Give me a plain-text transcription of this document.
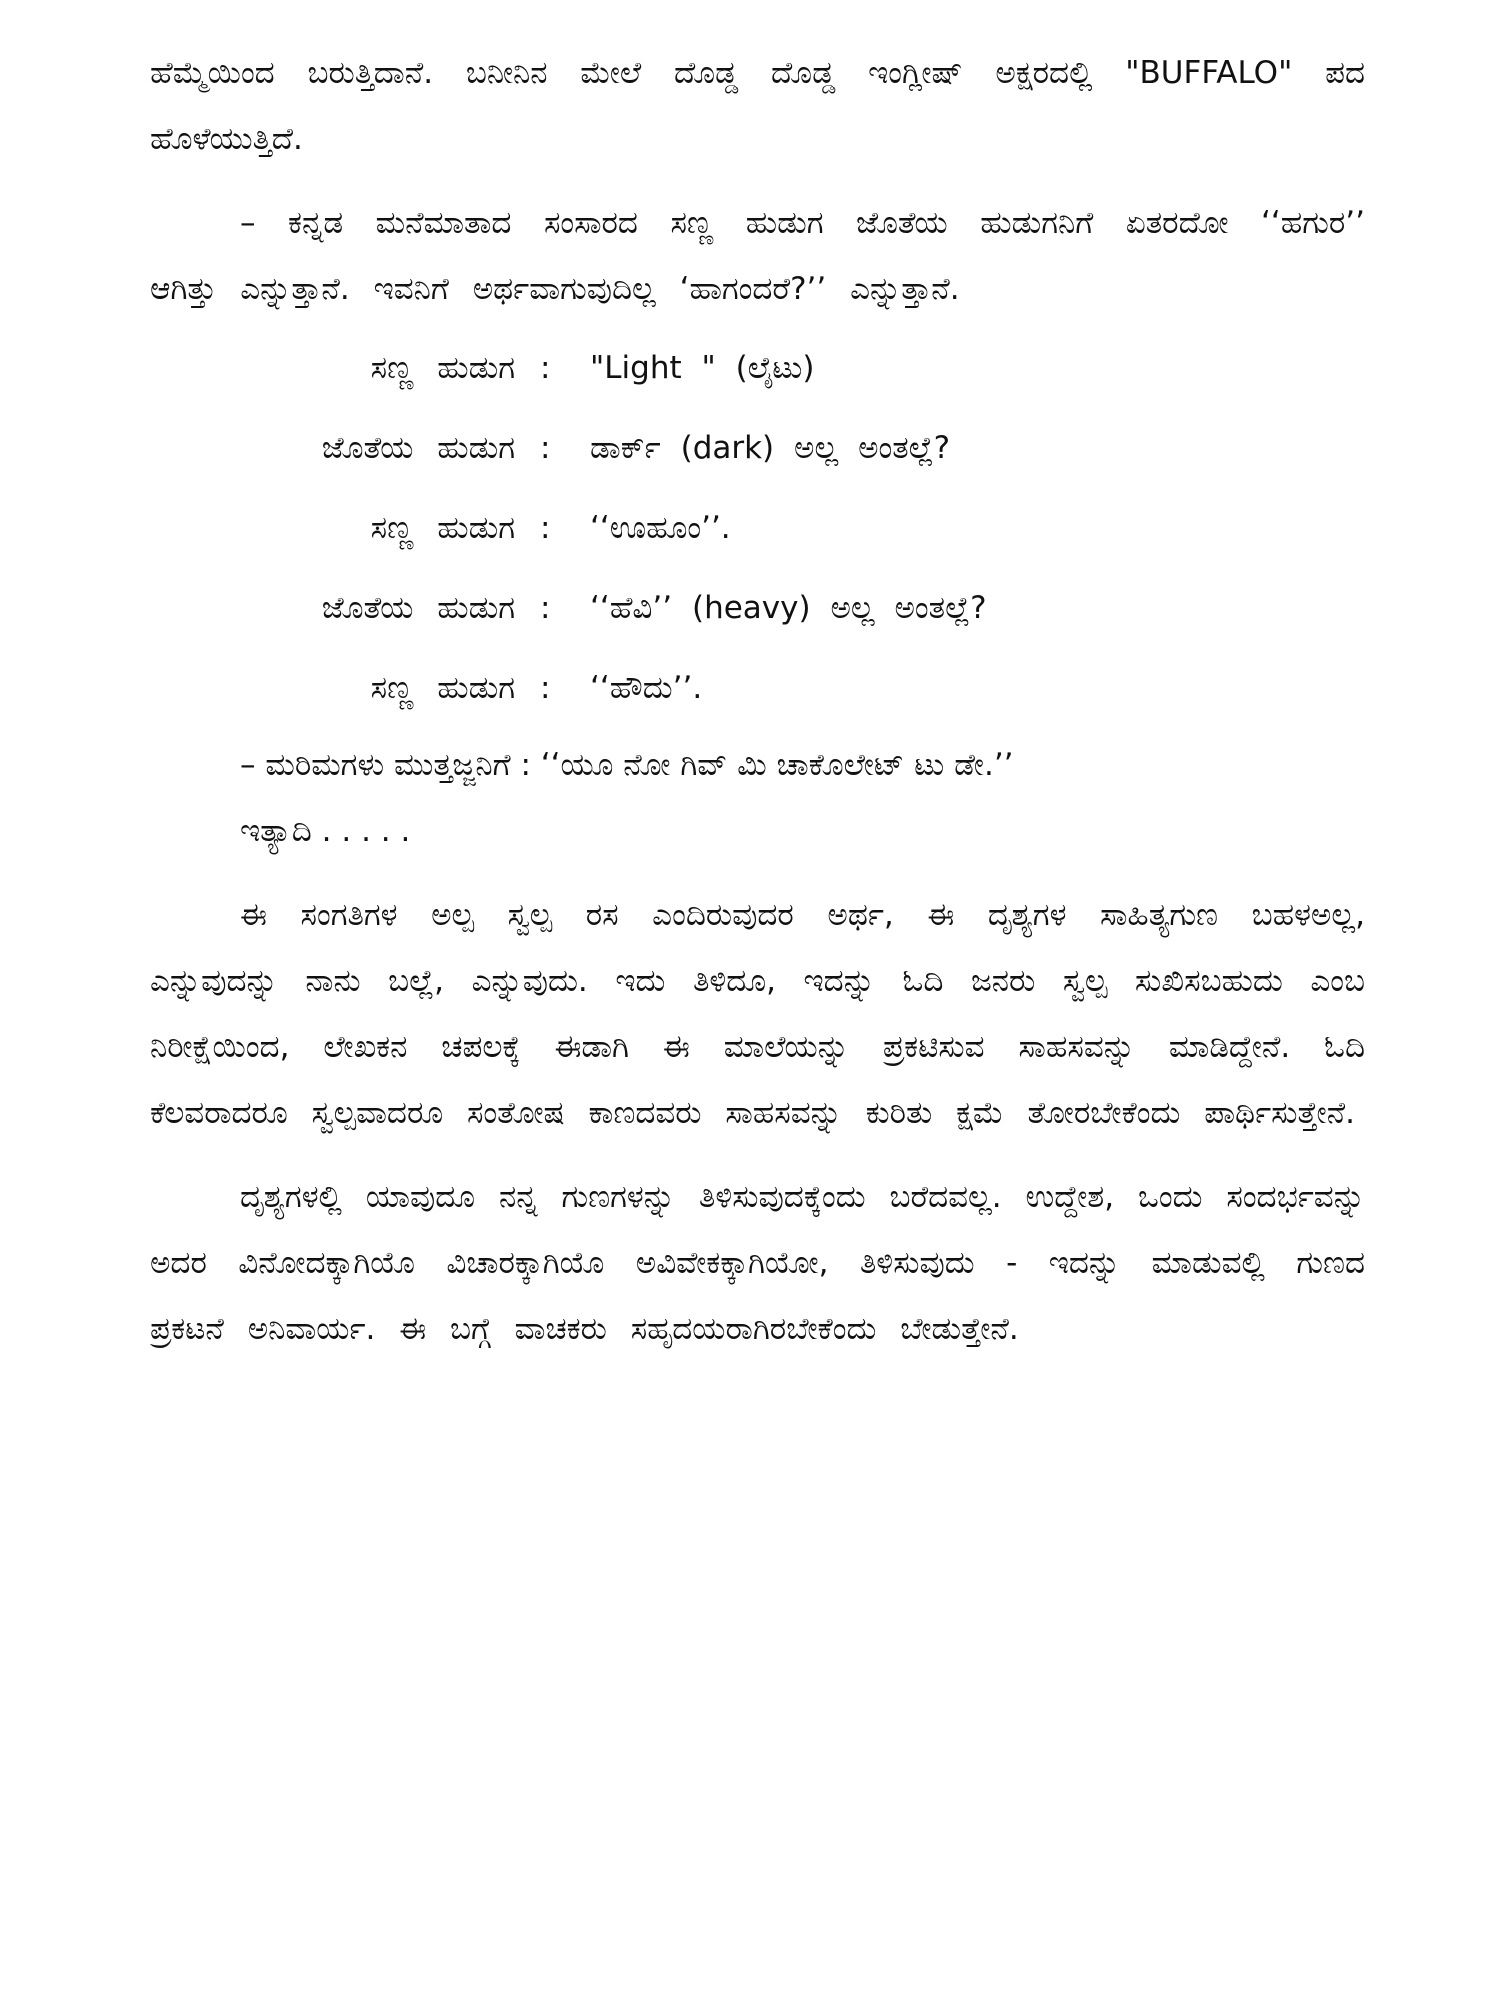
ಹೆಮ್ಮೆಯಿಂದ ಬರುತ್ತಿದಾನೆ. ಬನೀನಿನ ಮೇಲೆ ದೊಡ್ಡ ದೊಡ್ಡ ಇಂಗ್ಲೀಷ್ ಅಕ್ಷರದಲ್ಲಿ "BUFFALO" ಪದ ಹೊಳೆಯುತ್ತಿದೆ.

– ಕನ್ನಡ ಮನೆಮಾತಾದ ಸಂಸಾರದ ಸಣ್ಣ ಹುಡುಗ ಜೊತೆಯ ಹುಡುಗನಿಗೆ ಏತರದೋ ‘‘ಹಗುರ’’ ಆಗಿತ್ತು ಎನ್ನುತ್ತಾನೆ. ಇವನಿಗೆ ಅರ್ಥವಾಗುವುದಿಲ್ಲ ‘ಹಾಗಂದರೆ?’’ ಎನ್ನುತ್ತಾನೆ.

ಸಣ್ಣ ಹುಡುಗ : "Light " (ಲೈಟು)
ಜೊತೆಯ ಹುಡುಗ : ಡಾರ್ಕ್ (dark) ಅಲ್ಲ ಅಂತಲ್ಲೆ?
ಸಣ್ಣ ಹುಡುಗ : ‘‘ಊಹೂಂ’’.
ಜೊತೆಯ ಹುಡುಗ : ‘‘ಹೆವಿ’’ (heavy) ಅಲ್ಲ ಅಂತಲ್ಲೆ?
ಸಣ್ಣ ಹುಡುಗ : ‘‘ಹೌದು’’.

– ಮರಿಮಗಳು ಮುತ್ತಜ್ಜನಿಗೆ : ‘‘ಯೂ ನೋ ಗಿವ್ ಮಿ ಚಾಕೊಲೇಟ್ ಟು ಡೇ.’’

ಇತ್ಯಾದಿ . . . . .

ಈ ಸಂಗತಿಗಳ ಅಲ್ಪ ಸ್ವಲ್ಪ ರಸ ಎಂದಿರುವುದರ ಅರ್ಥ, ಈ ದೃಶ್ಯಗಳ ಸಾಹಿತ್ಯಗುಣ ಬಹಳಅಲ್ಲ, ಎನ್ನುವುದನ್ನು ನಾನು ಬಲ್ಲೆ, ಎನ್ನುವುದು. ಇದು ತಿಳಿದೂ, ಇದನ್ನು ಓದಿ ಜನರು ಸ್ವಲ್ಪ ಸುಖಿಸಬಹುದು ಎಂಬ ನಿರೀಕ್ಷೆಯಿಂದ, ಲೇಖಕನ ಚಪಲಕ್ಕೆ ಈಡಾಗಿ ಈ ಮಾಲೆಯನ್ನು ಪ್ರಕಟಿಸುವ ಸಾಹಸವನ್ನು ಮಾಡಿದ್ದೇನೆ. ಓದಿ ಕೆಲವರಾದರೂ ಸ್ವಲ್ಪವಾದರೂ ಸಂತೋಷ ಕಾಣದವರು ಸಾಹಸವನ್ನು ಕುರಿತು ಕ್ಷಮೆ ತೋರಬೇಕೆಂದು ಪಾರ್ಥಿಸುತ್ತೇನೆ.

ದೃಶ್ಯಗಳಲ್ಲಿ ಯಾವುದೂ ನನ್ನ ಗುಣಗಳನ್ನು ತಿಳಿಸುವುದಕ್ಕೆಂದು ಬರೆದವಲ್ಲ. ಉದ್ದೇಶ, ಒಂದು ಸಂದರ್ಭವನ್ನು ಅದರ ವಿನೋದಕ್ಕಾಗಿಯೊ ವಿಚಾರಕ್ಕಾಗಿಯೊ ಅವಿವೇಕಕ್ಕಾಗಿಯೋ, ತಿಳಿಸುವುದು - ಇದನ್ನು ಮಾಡುವಲ್ಲಿ ಗುಣದ ಪ್ರಕಟನೆ ಅನಿವಾರ್ಯ. ಈ ಬಗ್ಗೆ ವಾಚಕರು ಸಹೃದಯರಾಗಿರಬೇಕೆಂದು ಬೇಡುತ್ತೇನೆ.
